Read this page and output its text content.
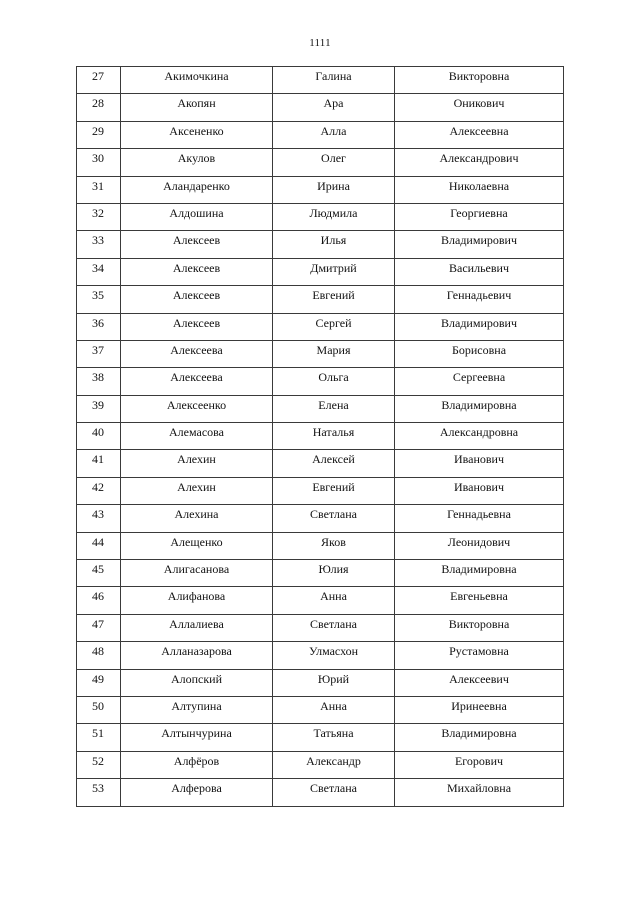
1111
27	Акимочкина	Галина	Викторовна

28	Акопян	Ара	Оникович

29	Аксененко	Алла	Алексеевна

30	Акулов	Олег	Александрович

31	Аландаренко	Ирина	Николаевна

32	Алдошина	Людмила	Георгиевна

33	Алексеев	Илья	Владимирович

34	Алексеев	Дмитрий	Васильевич

35	Алексеев	Евгений	Геннадьевич

36	Алексеев	Сергей	Владимирович

37	Алексеева	Мария	Борисовна

38	Алексеева	Ольга	Сергеевна

39	Алексеенко	Елена	Владимировна

40	Алемасова	Наталья	Александровна

41	Алехин	Алексей	Иванович

42	Алехин	Евгений	Иванович

43	Алехина	Светлана	Геннадьевна

44	Алещенко	Яков	Леонидович

45	Алигасанова	Юлия	Владимировна

46	Алифанова	Анна	Евгеньевна

47	Аллалиева	Светлана	Викторовна

48	Алланазарова	Улмасхон	Рустамовна

49	Алопский	Юрий	Алексеевич

50	Алтупина	Анна	Иринеевна

51	Алтынчурина	Татьяна	Владимировна

52	Алфёров	Александр	Егорович

53	Алферова	Светлана	Михайловна
